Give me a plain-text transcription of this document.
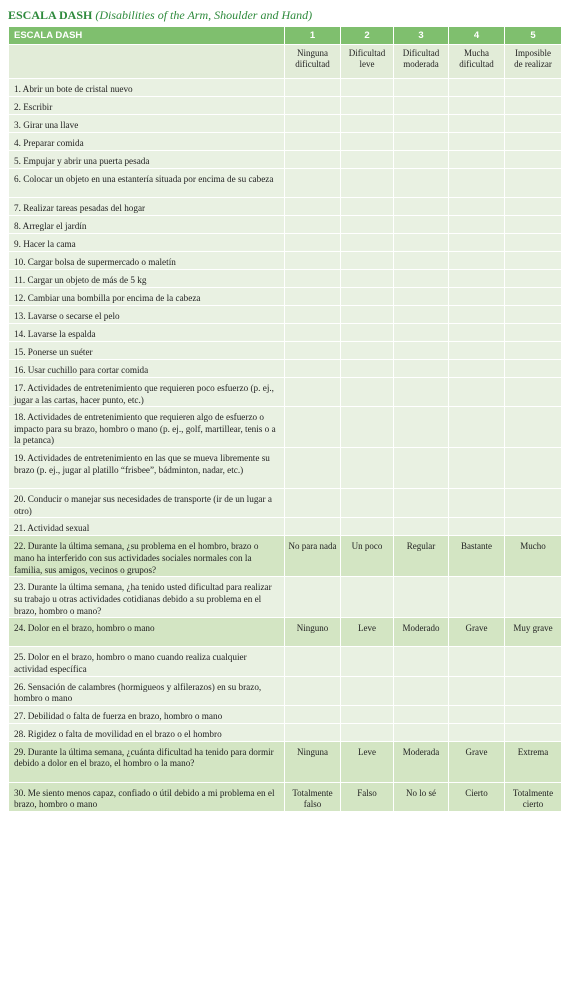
ESCALA DASH (Disabilities of the Arm, Shoulder and Hand)
ESCALA DASH	1	2	3	4	5
	Ninguna dificultad	Dificultad leve	Dificultad moderada	Mucha dificultad	Imposible de realizar
1. Abrir un bote de cristal nuevo					
2. Escribir					
3. Girar una llave					
4. Preparar comida					
5. Empujar y abrir una puerta pesada					
6. Colocar un objeto en una estantería situada por encima de su cabeza					
7. Realizar tareas pesadas del hogar					
8. Arreglar el jardín					
9. Hacer la cama					
10. Cargar bolsa de supermercado o maletín					
11. Cargar un objeto de más de 5 kg					
12. Cambiar una bombilla por encima de la cabeza					
13. Lavarse o secarse el pelo					
14. Lavarse la espalda					
15. Ponerse un suéter					
16. Usar cuchillo para cortar comida					
17. Actividades de entretenimiento que requieren poco esfuerzo (p. ej., jugar a las cartas, hacer punto, etc.)					
18. Actividades de entretenimiento que requieren algo de esfuerzo o impacto para su brazo, hombro o mano (p. ej., golf, martillear, tenis o a la petanca)					
19. Actividades de entretenimiento en las que se mueva libremente su brazo (p. ej., jugar al platillo “frisbee”, bádminton, nadar, etc.)					
20. Conducir o manejar sus necesidades de transporte (ir de un lugar a otro)					
21. Actividad sexual					
22. Durante la última semana, ¿su problema en el hombro, brazo o mano ha interferido con sus actividades sociales normales con la familia, sus amigos, vecinos o grupos?	No para nada	Un poco	Regular	Bastante	Mucho
23. Durante la última semana, ¿ha tenido usted dificultad para realizar su trabajo u otras actividades cotidianas debido a su problema en el brazo, hombro o mano?					
24. Dolor en el brazo, hombro o mano	Ninguno	Leve	Moderado	Grave	Muy grave
25. Dolor en el brazo, hombro o mano cuando realiza cualquier actividad específica					
26. Sensación de calambres (hormigueos y alfilerazos) en su brazo, hombro o mano					
27. Debilidad o falta de fuerza en brazo, hombro o mano					
28. Rigidez o falta de movilidad en el brazo o el hombro					
29. Durante la última semana, ¿cuánta dificultad ha tenido para dormir debido a dolor en el brazo, el hombro o la mano?	Ninguna	Leve	Moderada	Grave	Extrema
30. Me siento menos capaz, confiado o útil debido a mi problema en el brazo, hombro o mano	Totalmente falso	Falso	No lo sé	Cierto	Totalmente cierto
